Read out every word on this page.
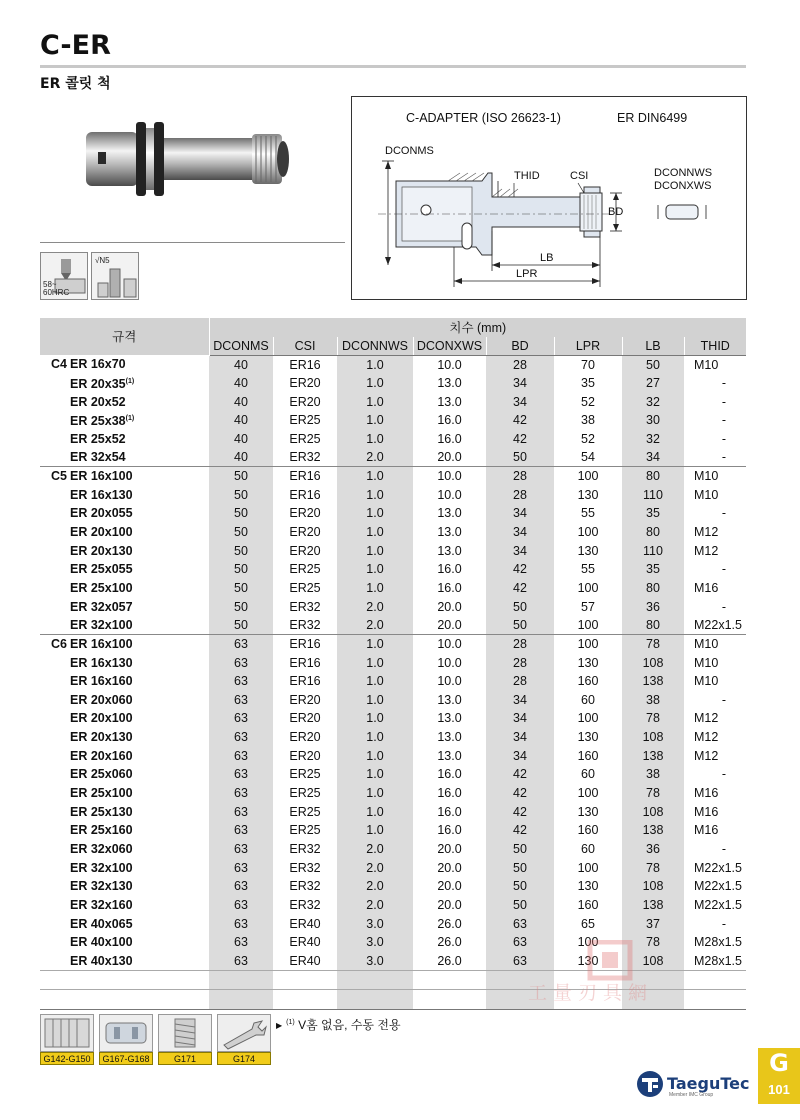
C-ER
ER 콜릿 척
58~
60HRC
√N5
C-ADAPTER (ISO 26623-1)	ER DIN6499
DCONMS
THID	CSI
BD
LB
LPR
DCONNWS
DCONXWS
규격		치수 (mm)							
		DCONMS	CSI	DCONNWS	DCONXWS	BD	LPR	LB	THID
C4	ER 16x70	40	ER16	1.0	10.0	28	70	50	M10
	ER 20x35$^{(1)}$	40	ER20	1.0	13.0	34	35	27	-
	ER 20x52	40	ER20	1.0	13.0	34	52	32	-
	ER 25x38$^{(1)}$	40	ER25	1.0	16.0	42	38	30	-
	ER 25x52	40	ER25	1.0	16.0	42	52	32	-
	ER 32x54	40	ER32	2.0	20.0	50	54	34	-
C5	ER 16x100	50	ER16	1.0	10.0	28	100	80	M10
	ER 16x130	50	ER16	1.0	10.0	28	130	110	M10
	ER 20x055	50	ER20	1.0	13.0	34	55	35	-
	ER 20x100	50	ER20	1.0	13.0	34	100	80	M12
	ER 20x130	50	ER20	1.0	13.0	34	130	110	M12
	ER 25x055	50	ER25	1.0	16.0	42	55	35	-
	ER 25x100	50	ER25	1.0	16.0	42	100	80	M16
	ER 32x057	50	ER32	2.0	20.0	50	57	36	-
	ER 32x100	50	ER32	2.0	20.0	50	100	80	M22x1.5
C6	ER 16x100	63	ER16	1.0	10.0	28	100	78	M10
	ER 16x130	63	ER16	1.0	10.0	28	130	108	M10
	ER 16x160	63	ER16	1.0	10.0	28	160	138	M10
	ER 20x060	63	ER20	1.0	13.0	34	60	38	-
	ER 20x100	63	ER20	1.0	13.0	34	100	78	M12
	ER 20x130	63	ER20	1.0	13.0	34	130	108	M12
	ER 20x160	63	ER20	1.0	13.0	34	160	138	M12
	ER 25x060	63	ER25	1.0	16.0	42	60	38	-
	ER 25x100	63	ER25	1.0	16.0	42	100	78	M16
	ER 25x130	63	ER25	1.0	16.0	42	130	108	M16
	ER 25x160	63	ER25	1.0	16.0	42	160	138	M16
	ER 32x060	63	ER32	2.0	20.0	50	60	36	-
	ER 32x100	63	ER32	2.0	20.0	50	100	78	M22x1.5
	ER 32x130	63	ER32	2.0	20.0	50	130	108	M22x1.5
	ER 32x160	63	ER32	2.0	20.0	50	160	138	M22x1.5
	ER 40x065	63	ER40	3.0	26.0	63	65	37	-
	ER 40x100	63	ER40	3.0	26.0	63	100	78	M28x1.5
	ER 40x130	63	ER40	3.0	26.0	63	130	108	M28x1.5

工量刃具網
▶ $^{(1)}$ V홈 없음, 수동 전용
G142-G150	G167-G168	G171	G174	G
101
TaeguTec
Member IMC Group
